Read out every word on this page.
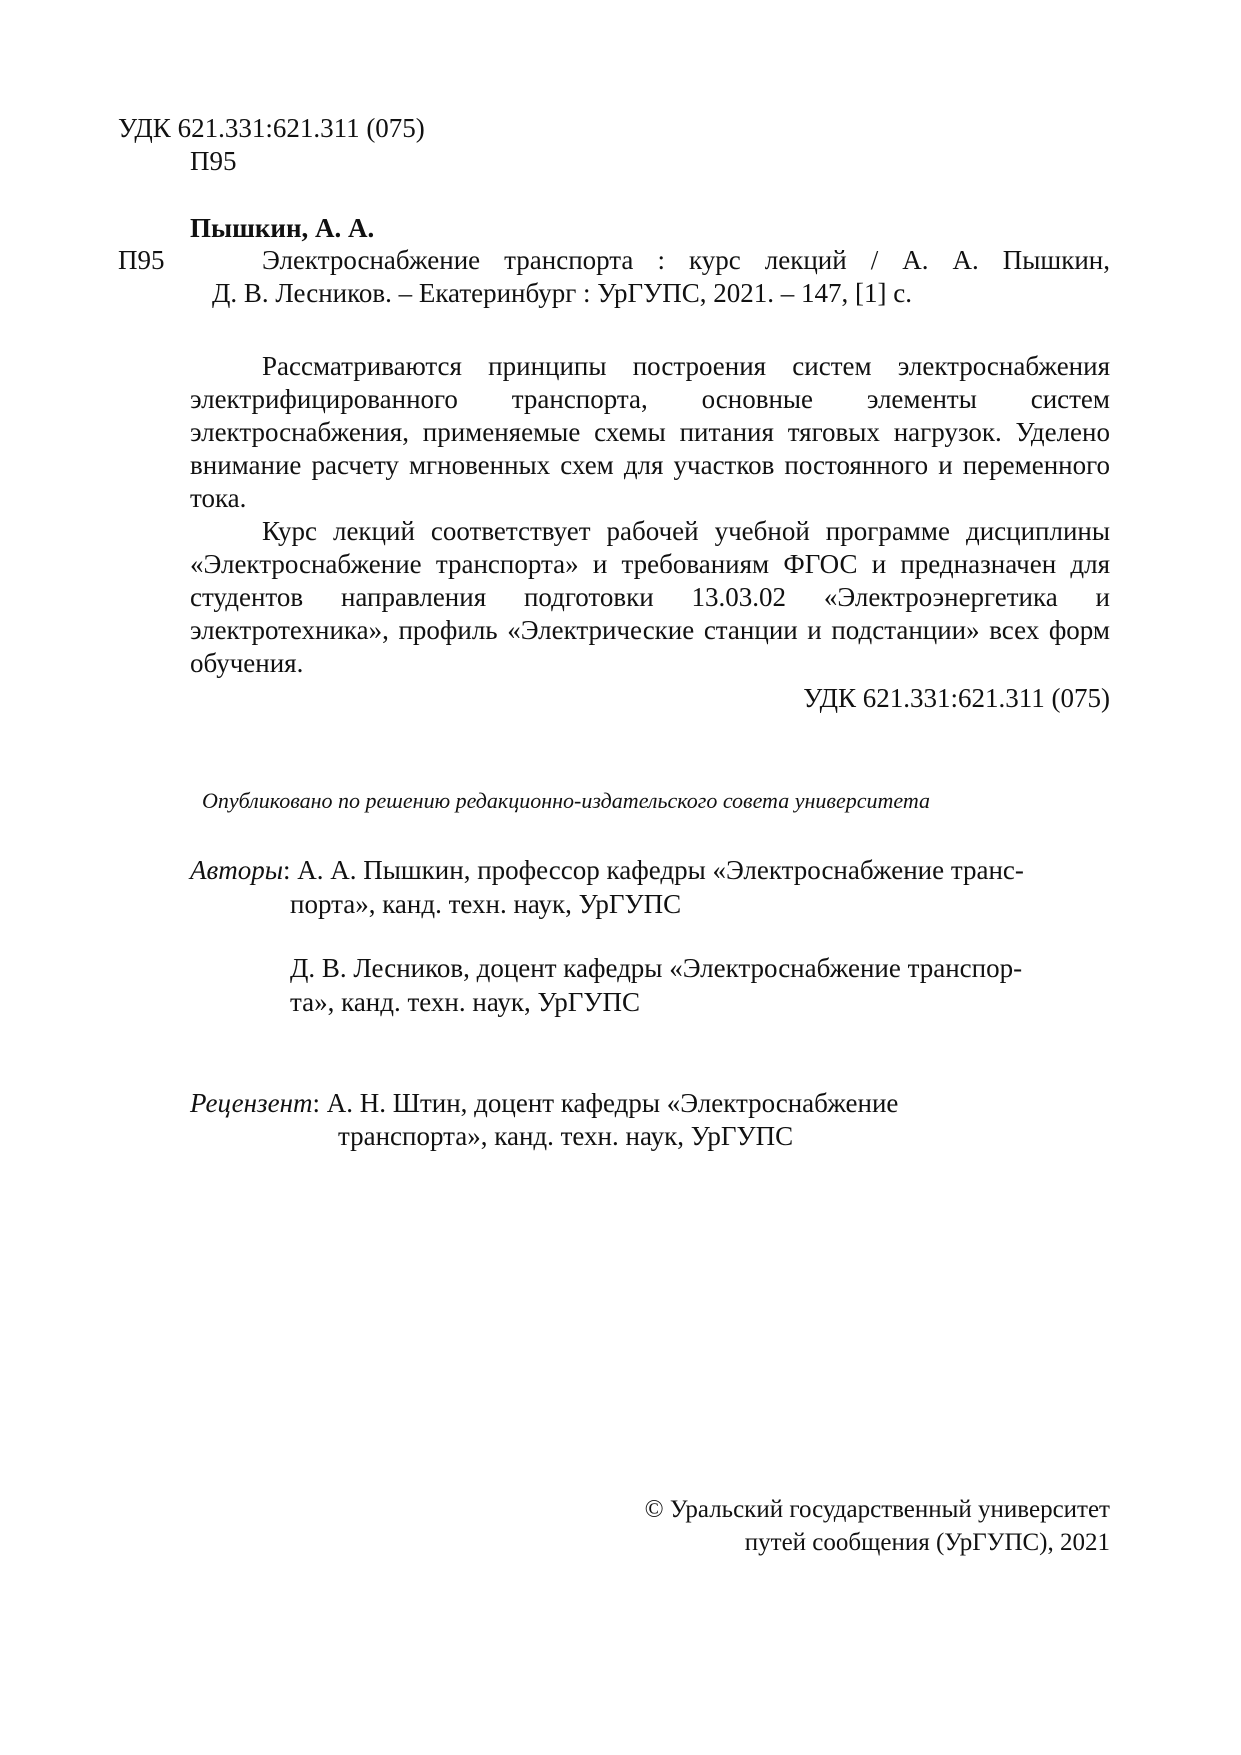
УДК 621.331:621.311 (075)
П95
Пышкин, А. А.
П95	Электроснабжение транспорта : курс лекций / А. А. Пышкин,
Д. В. Лесников. – Екатеринбург : УрГУПС, 2021. – 147, [1] с.

Рассматриваются принципы построения систем электроснабжения электрифицированного транспорта, основные элементы систем электроснабжения, применяемые схемы питания тяговых нагрузок. Уделено внимание расчету мгновенных схем для участков постоянного и переменного тока.

Курс лекций соответствует рабочей учебной программе дисциплины «Электроснабжение транспорта» и требованиям ФГОС и предназначен для студентов направления подготовки 13.03.02 «Электроэнергетика и электротехника», профиль «Электрические станции и подстанции» всех форм обучения.

УДК 621.331:621.311 (075)
Опубликовано по решению редакционно-издательского совета университета
Авторы: А. А. Пышкин, профессор кафедры «Электроснабжение транс-
порта», канд. техн. наук, УрГУПС
Д. В. Лесников, доцент кафедры «Электроснабжение транспор-
та», канд. техн. наук, УрГУПС
Рецензент: А. Н. Штин, доцент кафедры «Электроснабжение
транспорта», канд. техн. наук, УрГУПС
© Уральский государственный университет
путей сообщения (УрГУПС), 2021
